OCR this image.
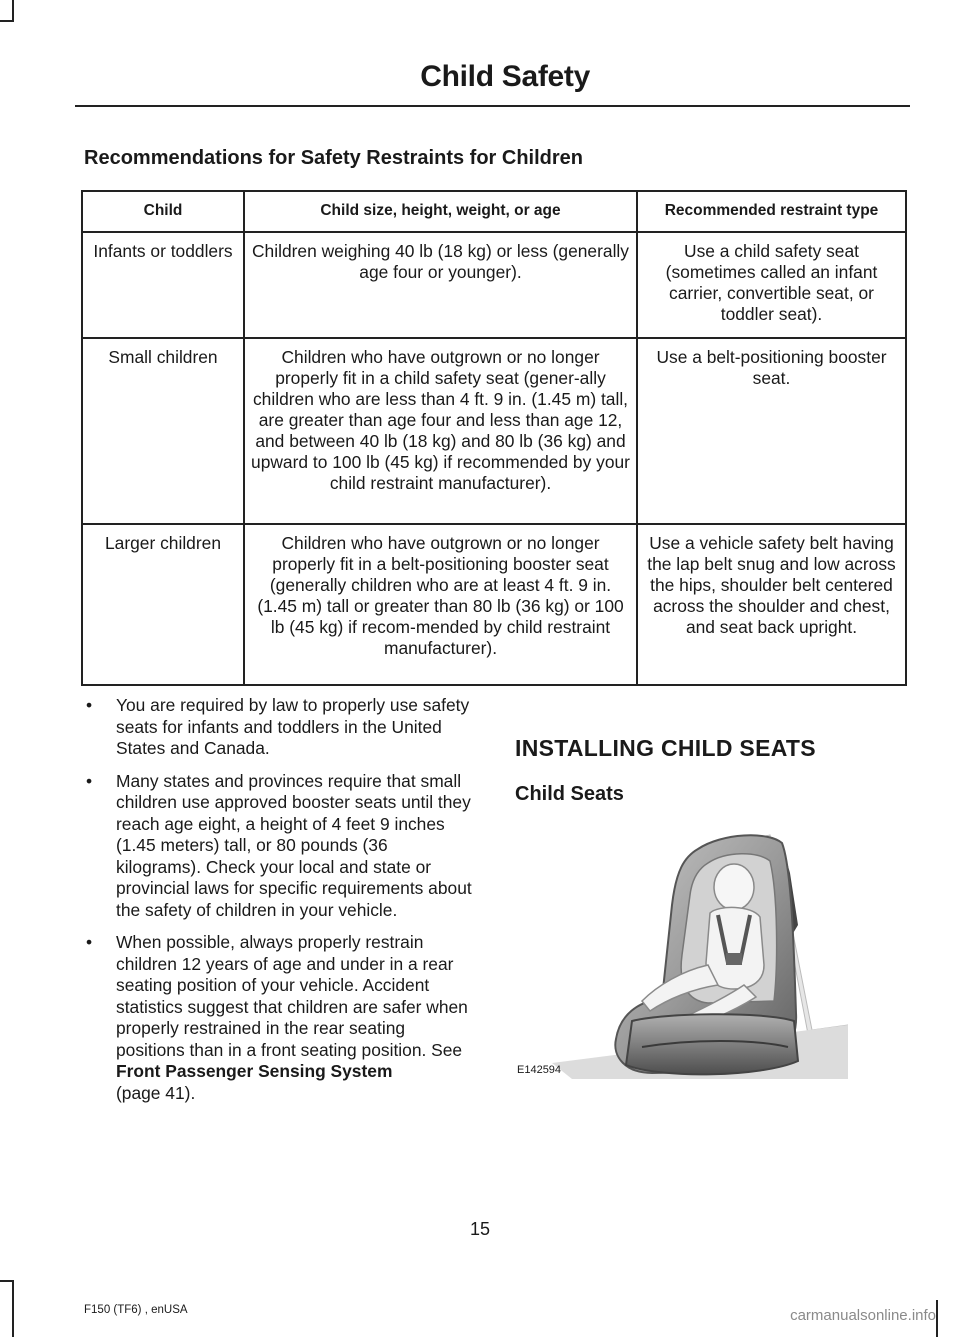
Child Safety
Recommendations for Safety Restraints for Children
Child	Child size, height, weight, or age	Recommended restraint type
Infants or toddlers	Children weighing 40 lb (18 kg) or less (generally age four or younger).	Use a child safety seat (sometimes called an infant carrier, convertible seat, or toddler seat).
Small children	Children who have outgrown or no longer properly fit in a child safety seat (gener-ally children who are less than 4 ft. 9 in. (1.45 m) tall, are greater than age four and less than age 12, and between 40 lb (18 kg) and 80 lb (36 kg) and upward to 100 lb (45 kg) if recommended by your child restraint manufacturer).	Use a belt-positioning booster seat.
Larger children	Children who have outgrown or no longer properly fit in a belt-positioning booster seat (generally children who are at least 4 ft. 9 in. (1.45 m) tall or greater than 80 lb (36 kg) or 100 lb (45 kg) if recom-mended by child restraint manufacturer).	Use a vehicle safety belt having the lap belt snug and low across the hips, shoulder belt centered across the shoulder and chest, and seat back upright.
• You are required by law to properly use safety seats for infants and toddlers in the United States and Canada.
• Many states and provinces require that small children use approved booster seats until they reach age eight, a height of 4 feet 9 inches (1.45 meters) tall, or 80 pounds (36 kilograms). Check your local and state or provincial laws for specific requirements about the safety of children in your vehicle.
• When possible, always properly restrain children 12 years of age and under in a rear seating position of your vehicle. Accident statistics suggest that children are safer when properly restrained in the rear seating positions than in a front seating position. See
Front Passenger Sensing System
(page 41).
INSTALLING CHILD SEATS
Child Seats
E142594
15
F150 (TF6) , enUSA	carmanualsonline.info
